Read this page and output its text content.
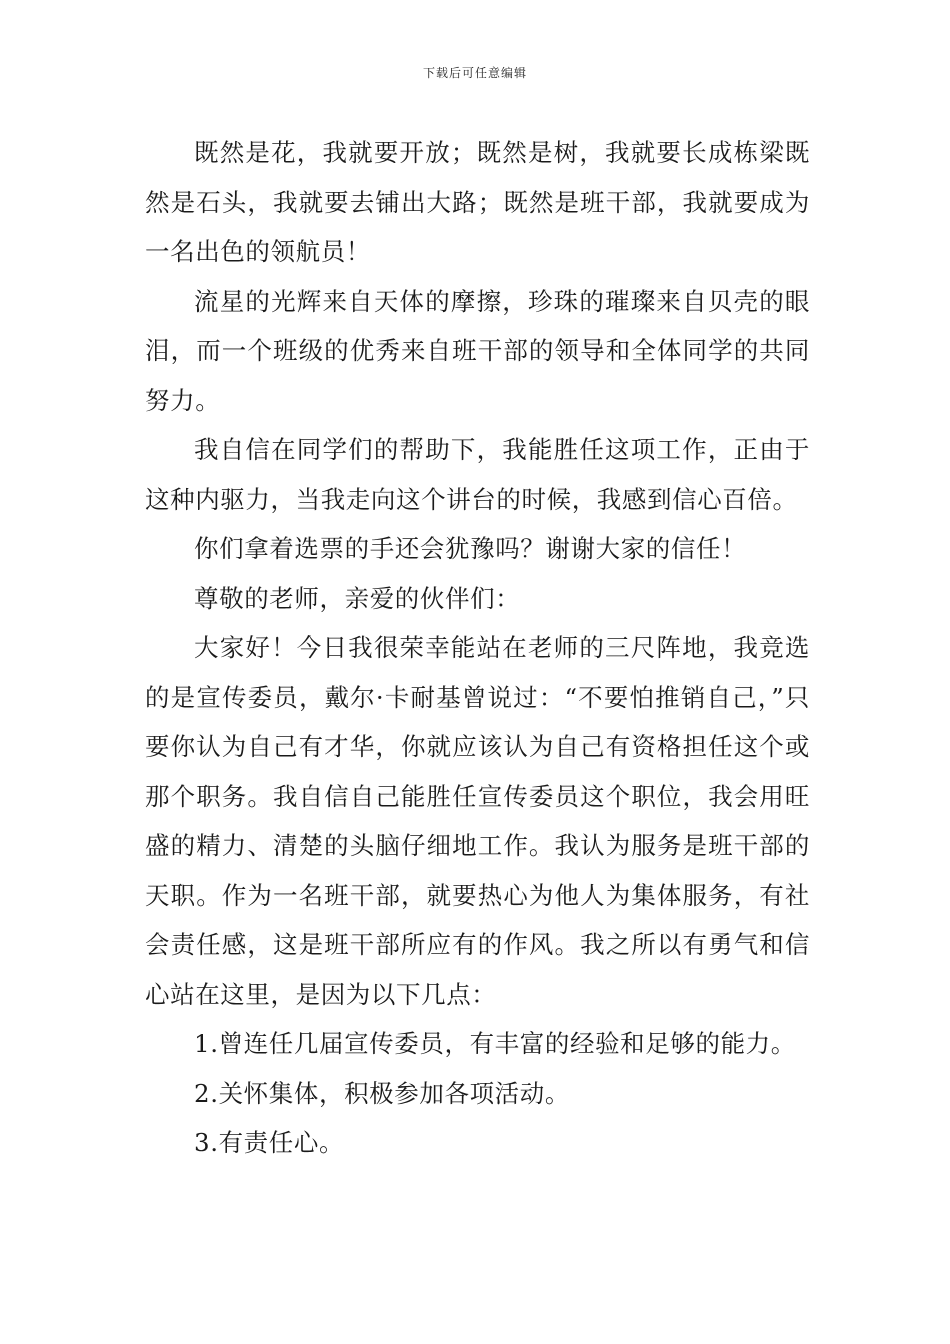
下载后可任意编辑

既然是花，我就要开放；既然是树，我就要长成栋梁既然是石头，我就要去铺出大路；既然是班干部，我就要成为一名出色的领航员！

流星的光辉来自天体的摩擦，珍珠的璀璨来自贝壳的眼泪，而一个班级的优秀来自班干部的领导和全体同学的共同努力。

我自信在同学们的帮助下，我能胜任这项工作，正由于这种内驱力，当我走向这个讲台的时候，我感到信心百倍。

你们拿着选票的手还会犹豫吗？谢谢大家的信任！

尊敬的老师，亲爱的伙伴们：

大家好！今日我很荣幸能站在老师的三尺阵地，我竞选的是宣传委员，戴尔·卡耐基曾说过：“不要怕推销自己，”只要你认为自己有才华，你就应该认为自己有资格担任这个或那个职务。我自信自己能胜任宣传委员这个职位，我会用旺盛的精力、清楚的头脑仔细地工作。我认为服务是班干部的天职。作为一名班干部，就要热心为他人为集体服务，有社会责任感，这是班干部所应有的作风。我之所以有勇气和信心站在这里，是因为以下几点：

1.曾连任几届宣传委员，有丰富的经验和足够的能力。

2.关怀集体，积极参加各项活动。

3.有责任心。
